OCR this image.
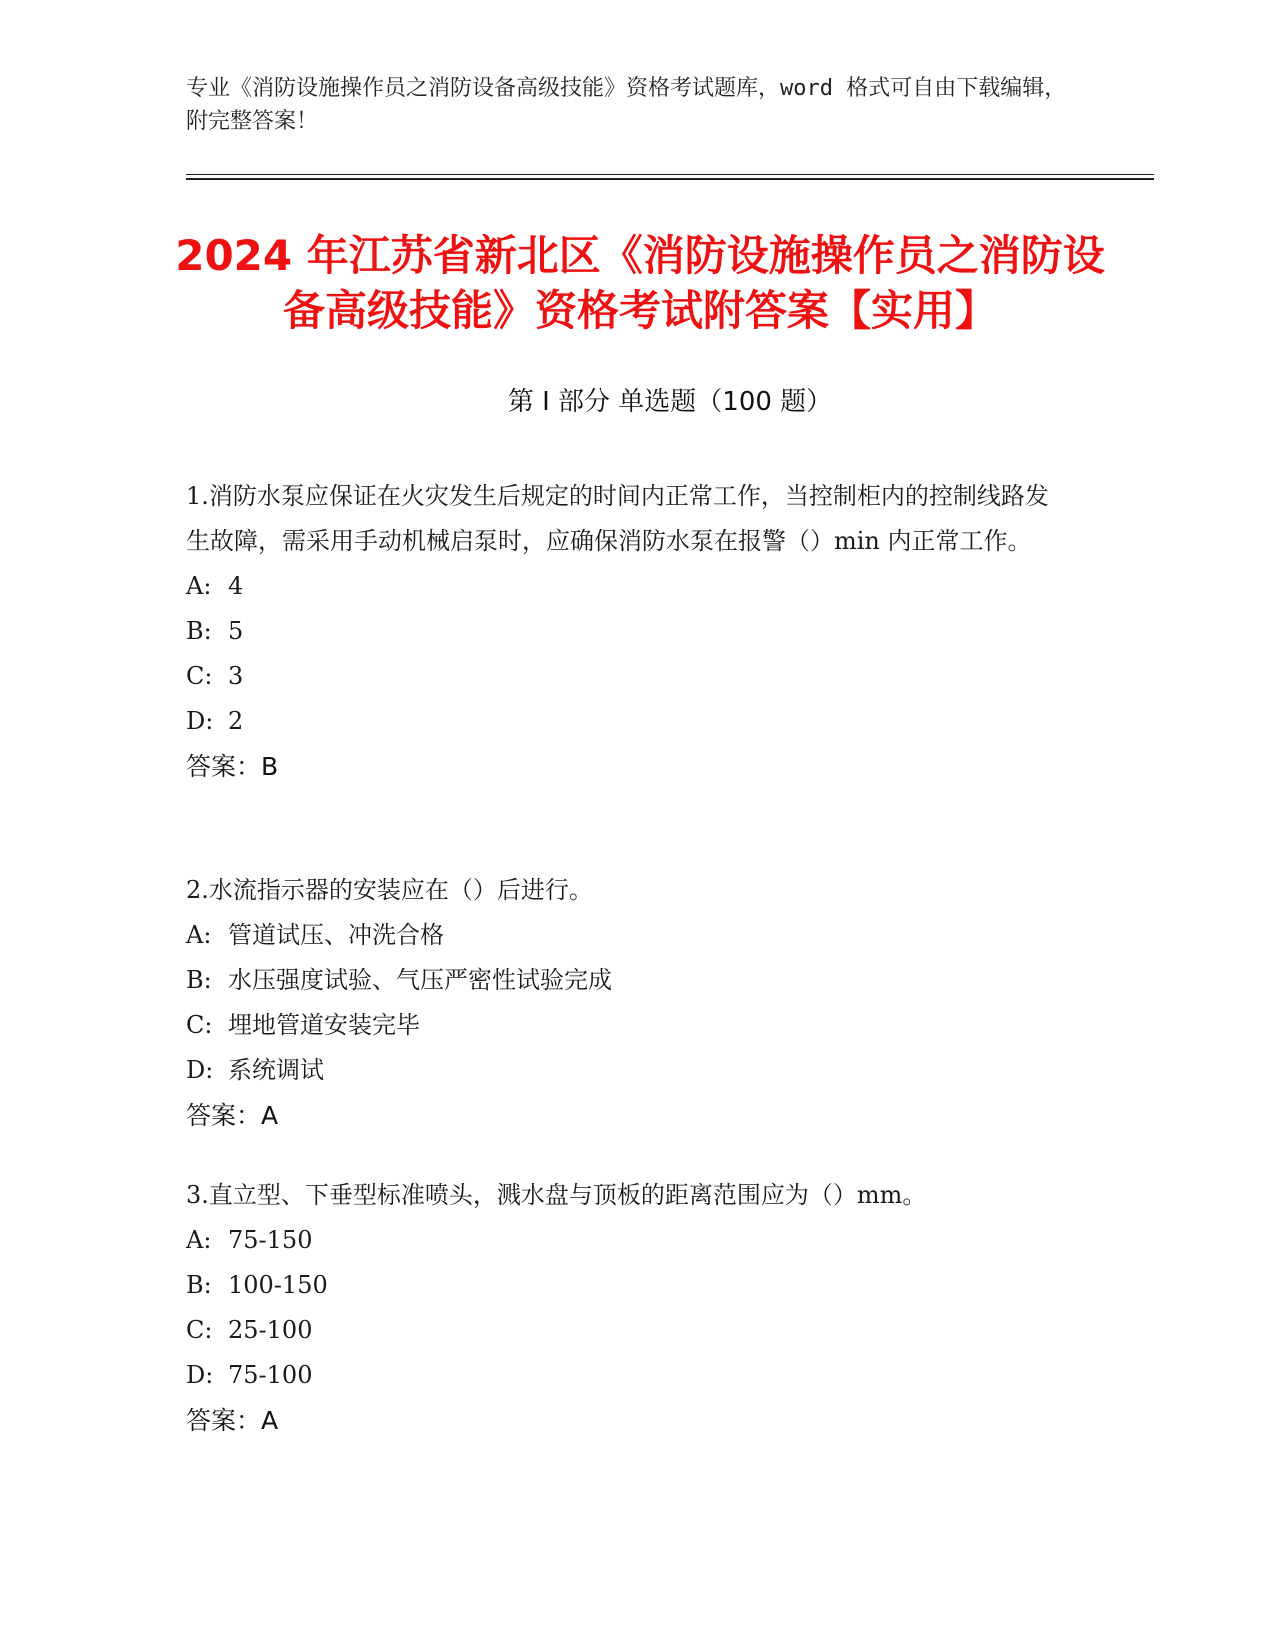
专业《消防设施操作员之消防设备高级技能》资格考试题库，word 格式可自由下载编辑，附完整答案！
2024 年江苏省新北区《消防设施操作员之消防设备高级技能》资格考试附答案【实用】
第 I 部分 单选题（100 题）

1.消防水泵应保证在火灾发生后规定的时间内正常工作，当控制柜内的控制线路发生故障，需采用手动机械启泵时，应确保消防水泵在报警（）min 内正常工作。

A: 4
B: 5
C: 3
D: 2
答案：B

2.水流指示器的安装应在（）后进行。

A: 管道试压、冲洗合格
B: 水压强度试验、气压严密性试验完成
C: 埋地管道安装完毕
D: 系统调试
答案：A

3.直立型、下垂型标准喷头，溅水盘与顶板的距离范围应为（）mm。

A: 75-150
B: 100-150
C: 25-100
D: 75-100
答案：A
